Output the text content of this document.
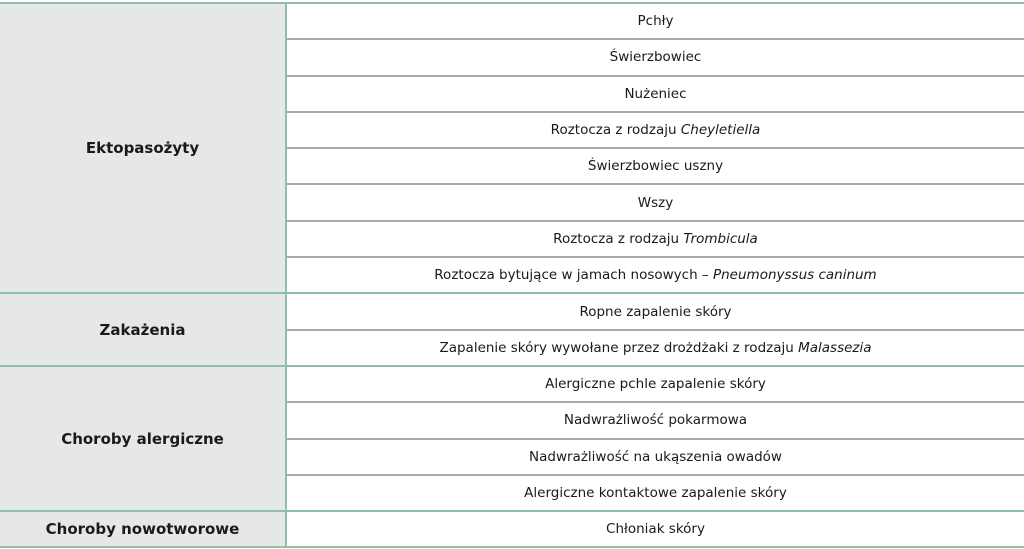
Ektopasożyty
Pchły
Świerzbowiec
Nużeniec
Roztocza z rodzaju Cheyletiella
Świerzbowiec uszny
Wszy
Roztocza z rodzaju Trombicula
Roztocza bytujące w jamach nosowych – Pneumonyssus caninum
Zakażenia
Ropne zapalenie skóry
Zapalenie skóry wywołane przez drożdżaki z rodzaju Malassezia
Choroby alergiczne
Alergiczne pchle zapalenie skóry
Nadwrażliwość pokarmowa
Nadwrażliwość na ukąszenia owadów
Alergiczne kontaktowe zapalenie skóry
Choroby nowotworowe	Chłoniak skóry
